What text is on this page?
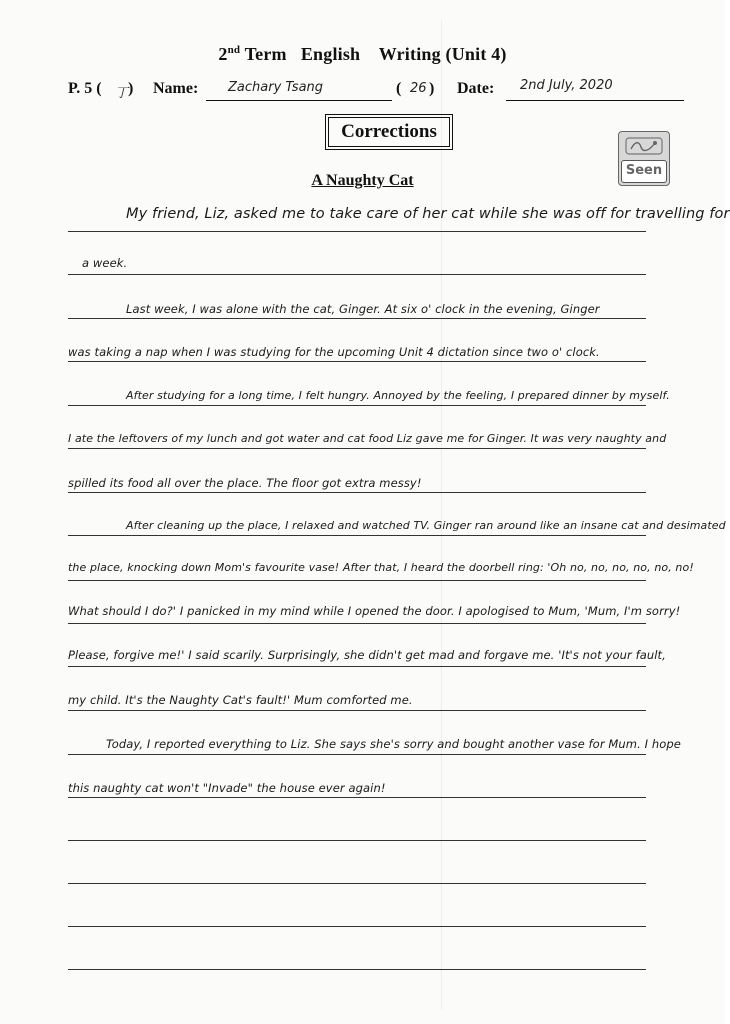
2nd Term   English    Writing (Unit 4)
P. 5 ( 丁 ) Name: Zachary Tsang	( 26 ) Date: 2nd July, 2020
Corrections
Seen
A Naughty Cat
My friend, Liz, asked me to take care of her cat while she was off for travelling for
a week.
Last week, I was alone with the cat, Ginger. At six o' clock in the evening, Ginger
was taking a nap when I was studying for the upcoming Unit 4 dictation since two o' clock.
After studying for a long time, I felt hungry. Annoyed by the feeling, I prepared dinner by myself.
I ate the leftovers of my lunch and got water and cat food Liz gave me for Ginger. It was very naughty and
spilled its food all over the place. The floor got extra messy!
After cleaning up the place, I relaxed and watched TV. Ginger ran around like an insane cat and desimated
the place, knocking down Mom's favourite vase! After that, I heard the doorbell ring: 'Oh no, no, no, no, no, no!
What should I do?' I panicked in my mind while I opened the door. I apologised to Mum, 'Mum, I'm sorry!
Please, forgive me!' I said scarily. Surprisingly, she didn't get mad and forgave me. 'It's not your fault,
my child. It's the Naughty Cat's fault!' Mum comforted me.
Today, I reported everything to Liz. She says she's sorry and bought another vase for Mum. I hope
this naughty cat won't "Invade" the house ever again!
